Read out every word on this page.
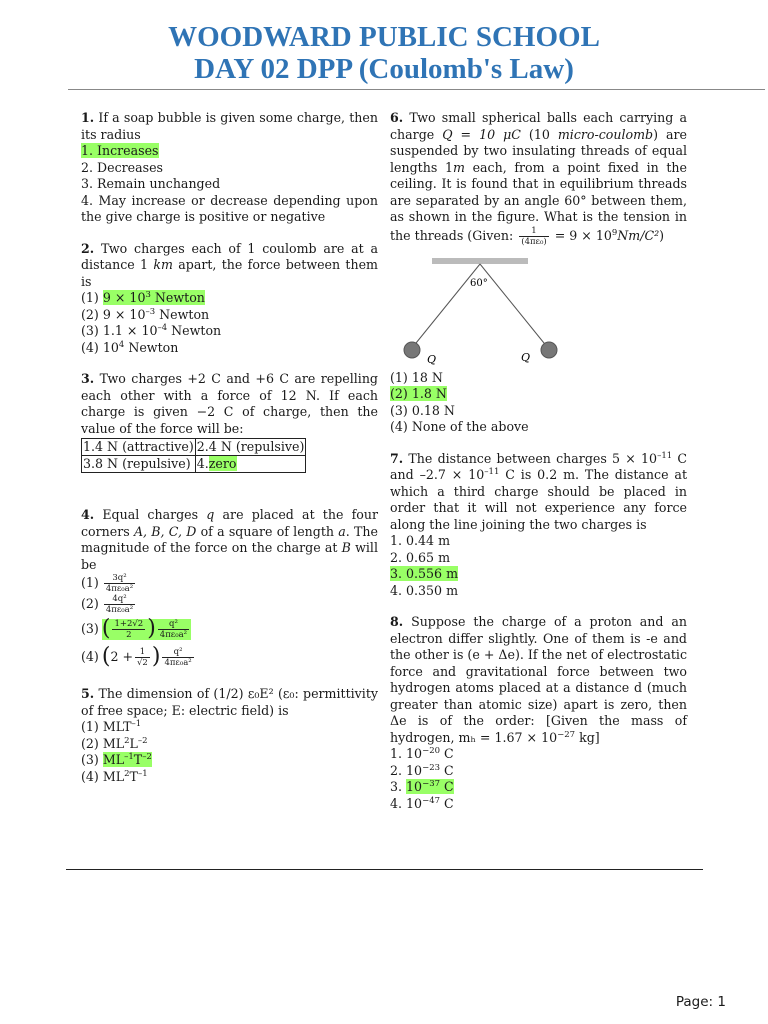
WOODWARD PUBLIC SCHOOL
DAY 02 DPP (Coulomb's Law)

1. If a soap bubble is given some charge, then its radius

1. Increases

2. Decreases

3. Remain unchanged

4. May increase or decrease depending upon the give charge is positive or negative

2. Two charges each of 1 coulomb are at a distance 1 km apart, the force between them is

(1) $9 \times 10^3$ Newton

(2) $9 \times 10^{-3}$ Newton

(3) $1.1 \times 10^{-4}$ Newton

(4) $10^4$ Newton

3. Two charges +2 C and +6 C are repelling each other with a force of 12 N. If each charge is given −2 C of charge, then the value of the force will be:

1.4 N (attractive)	2.4 N (repulsive)
3.8 N (repulsive)	4.zero

4. Equal charges q are placed at the four corners A, B, C, D of a square of length a. The magnitude of the force on the charge at B will be

$(1) \frac{\text{3q²}}{\text{4πε₀a²}}$
$(2) \frac{\text{4q²}}{\text{4πε₀a²}}$
(3) ( $\frac{1+2√2}{2}$ ) $\frac{\text{q²}}{\text{4πε₀a²}}$
(4) ( $2 + \frac{1}{√2}$ ) $\frac{\text{q²}}{\text{4πε₀a²}}$

5. The dimension of (1/2) ε₀E² (ε₀: permittivity of free space; E: electric field) is

(1) $MLT^{-1}$

(2) $ML^2L^{-2}$

(3) $ML^{-1}T^{-2}$

(4) $ML^2T^{-1}$

6. Two small spherical balls each carrying a charge Q = 10 μC (10 micro-coulomb) are suspended by two insulating threads of equal lengths 1m each, from a point fixed in the ceiling. It is found that in equilibrium threads are separated by an angle 60° between them, as shown in the figure. What is the tension in the threads (Given: $\frac{1}{\text{(4πε₀)}} = 9 \times 10^9Nm/C^2$)

60°
Q	Q

(1) 18 N

(2) 1.8 N

(3) 0.18 N

(4) None of the above

7. The distance between charges $5 \times 10^{-11}$ C and $-2.7 \times 10^{-11}$ C is 0.2 m. The distance at which a third charge should be placed in order that it will not experience any force along the line joining the two charges is

1. 0.44 m

2. 0.65 m

3. 0.556 m

4. 0.350 m

8. Suppose the charge of a proton and an electron differ slightly. One of them is -e and the other is (e + Δe). If the net of electrostatic force and gravitational force between two hydrogen atoms placed at a distance d (much greater than atomic size) apart is zero, then Δe is of the order: [Given the mass of hydrogen, $m_h = 1.67 \times 10^{-27}$ kg]

1. $10^{-20}$ C

2. $10^{-23}$ C

3. $10^{-37}$ C

4. $10^{-47}$ C

Page: 1
